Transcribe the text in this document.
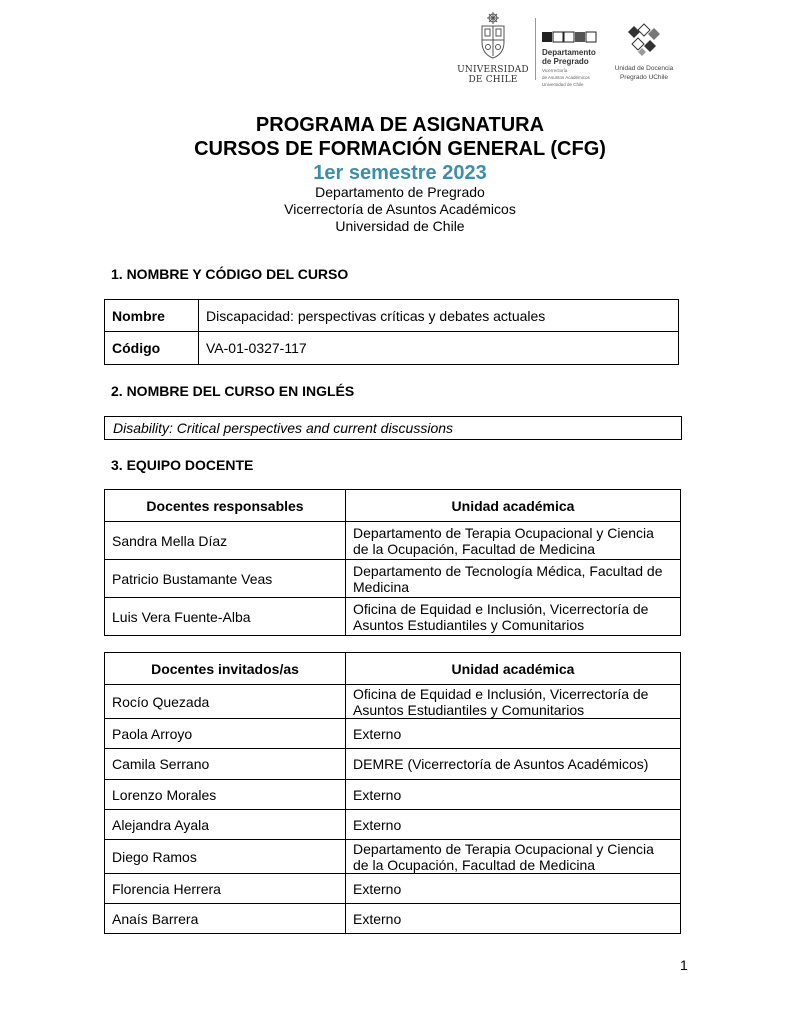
UNIVERSIDAD
DE CHILE
Departamento
de Pregrado
Vicerrectoría
de Asuntos Académicos
Universidad de Chile
Unidad de Docencia
Pregrado UChile
PROGRAMA DE ASIGNATURA
CURSOS DE FORMACIÓN GENERAL (CFG)
1er semestre 2023
Departamento de Pregrado
Vicerrectoría de Asuntos Académicos
Universidad de Chile
1. NOMBRE Y CÓDIGO DEL CURSO
Nombre	Discapacidad: perspectivas críticas y debates actuales
Código	VA-01-0327-117
2. NOMBRE DEL CURSO EN INGLÉS
Disability: Critical perspectives and current discussions
3. EQUIPO DOCENTE
Docentes responsables	Unidad académica
Sandra Mella Díaz	Departamento de Terapia Ocupacional y Ciencia
de la Ocupación, Facultad de Medicina
Patricio Bustamante Veas	Departamento de Tecnología Médica, Facultad de
Medicina
Luis Vera Fuente-Alba	Oficina de Equidad e Inclusión, Vicerrectoría de
Asuntos Estudiantiles y Comunitarios
Docentes invitados/as	Unidad académica
Rocío Quezada	Oficina de Equidad e Inclusión, Vicerrectoría de
Asuntos Estudiantiles y Comunitarios
Paola Arroyo	Externo
Camila Serrano	DEMRE (Vicerrectoría de Asuntos Académicos)
Lorenzo Morales	Externo
Alejandra Ayala	Externo
Diego Ramos	Departamento de Terapia Ocupacional y Ciencia
de la Ocupación, Facultad de Medicina
Florencia Herrera	Externo
Anaís Barrera	Externo
1
